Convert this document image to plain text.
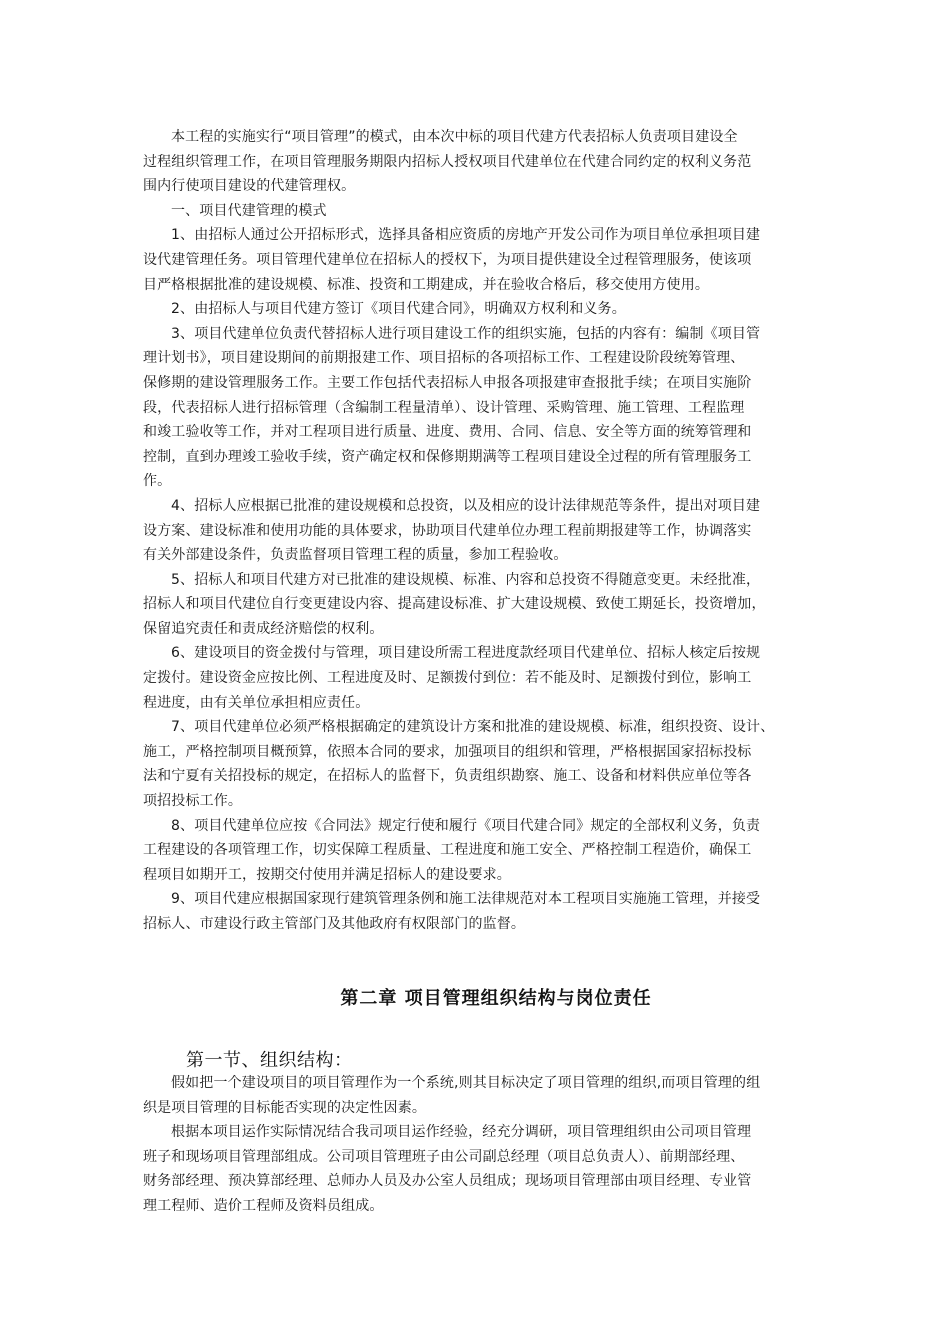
本工程的实施实行“项目管理”的模式，由本次中标的项目代建方代表招标人负责项目建设全
过程组织管理工作，在项目管理服务期限内招标人授权项目代建单位在代建合同约定的权利义务范
围内行使项目建设的代建管理权。

一、项目代建管理的模式

1、由招标人通过公开招标形式，选择具备相应资质的房地产开发公司作为项目单位承担项目建
设代建管理任务。项目管理代建单位在招标人的授权下，为项目提供建设全过程管理服务，使该项
目严格根据批准的建设规模、标准、投资和工期建成，并在验收合格后，移交使用方使用。

2、由招标人与项目代建方签订《项目代建合同》，明确双方权利和义务。

3、项目代建单位负责代替招标人进行项目建设工作的组织实施，包括的内容有：编制《项目管
理计划书》，项目建设期间的前期报建工作、项目招标的各项招标工作、工程建设阶段统筹管理、
保修期的建设管理服务工作。主要工作包括代表招标人申报各项报建审查报批手续；在项目实施阶
段，代表招标人进行招标管理（含编制工程量清单）、设计管理、采购管理、施工管理、工程监理
和竣工验收等工作，并对工程项目进行质量、进度、费用、合同、信息、安全等方面的统筹管理和
控制，直到办理竣工验收手续，资产确定权和保修期期满等工程项目建设全过程的所有管理服务工
作。

4、招标人应根据已批准的建设规模和总投资，以及相应的设计法律规范等条件，提出对项目建
设方案、建设标准和使用功能的具体要求，协助项目代建单位办理工程前期报建等工作，协调落实
有关外部建设条件，负责监督项目管理工程的质量，参加工程验收。

5、招标人和项目代建方对已批准的建设规模、标准、内容和总投资不得随意变更。未经批准，
招标人和项目代建位自行变更建设内容、提高建设标准、扩大建设规模、致使工期延长，投资增加，
保留追究责任和责成经济赔偿的权利。

6、建设项目的资金拨付与管理，项目建设所需工程进度款经项目代建单位、招标人核定后按规
定拨付。建设资金应按比例、工程进度及时、足额拨付到位：若不能及时、足额拨付到位，影响工
程进度，由有关单位承担相应责任。

7、项目代建单位必须严格根据确定的建筑设计方案和批准的建设规模、标准，组织投资、设计、
施工，严格控制项目概预算，依照本合同的要求，加强项目的组织和管理，严格根据国家招标投标
法和宁夏有关招投标的规定，在招标人的监督下，负责组织勘察、施工、设备和材料供应单位等各
项招投标工作。

8、项目代建单位应按《合同法》规定行使和履行《项目代建合同》规定的全部权利义务，负责
工程建设的各项管理工作，切实保障工程质量、工程进度和施工安全、严格控制工程造价，确保工
程项目如期开工，按期交付使用并满足招标人的建设要求。

9、项目代建应根据国家现行建筑管理条例和施工法律规范对本工程项目实施施工管理，并接受
招标人、市建设行政主管部门及其他政府有权限部门的监督。

第二章 项目管理组织结构与岗位责任
第一节、组织结构：

假如把一个建设项目的项目管理作为一个系统,则其目标决定了项目管理的组织,而项目管理的组
织是项目管理的目标能否实现的决定性因素。

根据本项目运作实际情况结合我司项目运作经验，经充分调研，项目管理组织由公司项目管理
班子和现场项目管理部组成。公司项目管理班子由公司副总经理（项目总负责人）、前期部经理、
财务部经理、预决算部经理、总师办人员及办公室人员组成；现场项目管理部由项目经理、专业管
理工程师、造价工程师及资料员组成。
